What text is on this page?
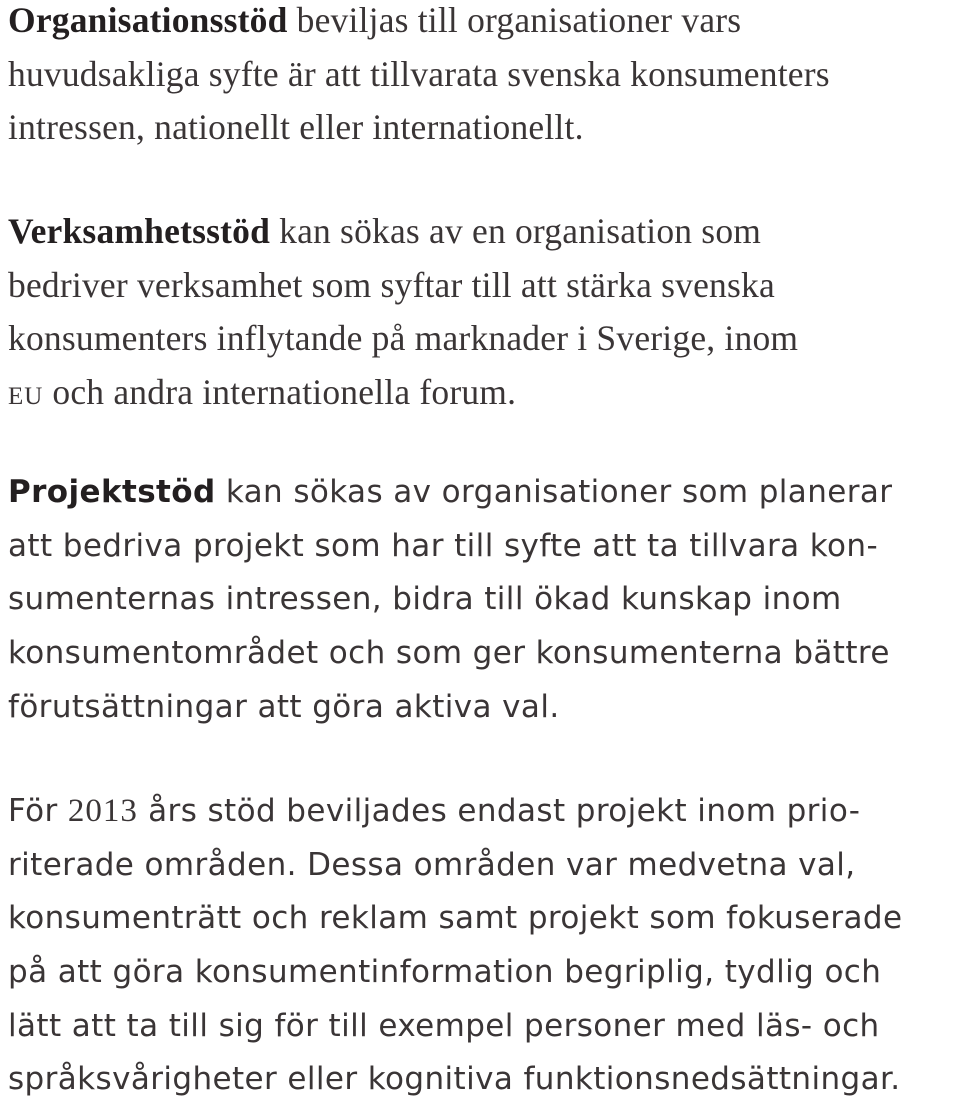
Organisationsstöd beviljas till organisationer vars
huvudsakliga syfte är att tillvarata svenska konsumenters
intressen, nationellt eller internationellt.

Verksamhetsstöd kan sökas av en organisation som
bedriver verksamhet som syftar till att stärka svenska
konsumenters inflytande på marknader i Sverige, inom
eu och andra internationella forum.

Projektstöd kan sökas av organisationer som planerar
att bedriva projekt som har till syfte att ta tillvara kon-
sumenternas intressen, bidra till ökad kunskap inom
konsumentområdet och som ger konsumenterna bättre
förutsättningar att göra aktiva val.

För 2013 års stöd beviljades endast projekt inom prio-
riterade områden. Dessa områden var medvetna val,
konsumenträtt och reklam samt projekt som fokuserade
på att göra konsumentinformation begriplig, tydlig och
lätt att ta till sig för till exempel personer med läs- och
språksvårigheter eller kognitiva funktionsnedsättningar.
